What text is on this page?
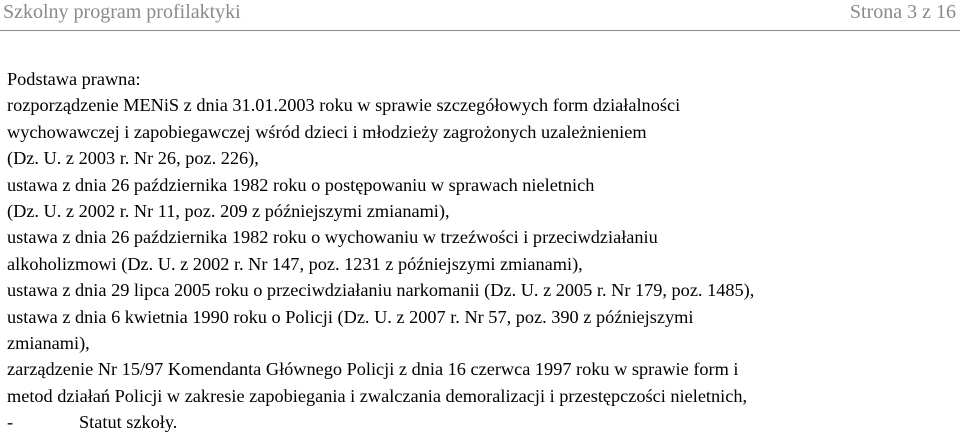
Szkolny program profilaktyki	Strona 3 z 16
Podstawa prawna:
rozporządzenie MENiS z dnia 31.01.2003 roku w sprawie szczegółowych form działalności
wychowawczej i zapobiegawczej wśród dzieci i młodzieży zagrożonych uzależnieniem
(Dz. U. z 2003 r. Nr 26, poz. 226),
ustawa z dnia 26 października 1982 roku o postępowaniu w sprawach nieletnich
(Dz. U. z 2002 r. Nr 11, poz. 209 z późniejszymi zmianami),
ustawa z dnia 26 października 1982 roku o wychowaniu w trzeźwości i przeciwdziałaniu
alkoholizmowi (Dz. U. z 2002 r. Nr 147, poz. 1231 z późniejszymi zmianami),
ustawa z dnia 29 lipca 2005 roku o przeciwdziałaniu narkomanii (Dz. U. z 2005 r. Nr 179, poz. 1485),
ustawa z dnia 6 kwietnia 1990 roku o Policji (Dz. U. z 2007 r. Nr 57, poz. 390 z późniejszymi
zmianami),
zarządzenie Nr 15/97 Komendanta Głównego Policji z dnia 16 czerwca 1997 roku w sprawie form i
metod działań Policji w zakresie zapobiegania i zwalczania demoralizacji i przestępczości nieletnich,
-	Statut szkoły.
